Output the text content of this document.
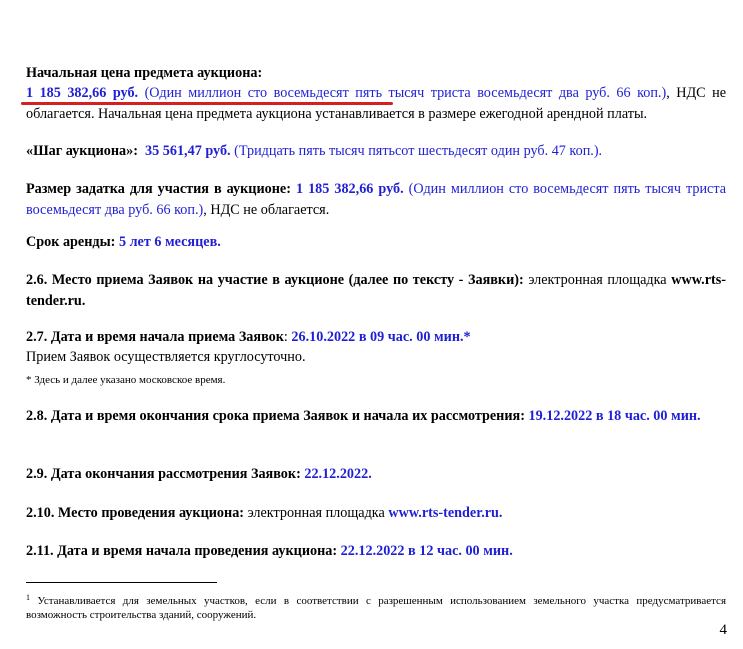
Начальная цена предмета аукциона:
1 185 382,66 руб. (Один миллион сто восемьдесят пять тысяч триста восемьдесят два руб. 66 коп.), НДС не облагается. Начальная цена предмета аукциона устанавливается в размере ежегодной арендной платы.
«Шаг аукциона»: 35 561,47 руб. (Тридцать пять тысяч пятьсот шестьдесят один руб. 47 коп.).
Размер задатка для участия в аукционе: 1 185 382,66 руб. (Один миллион сто восемьдесят пять тысяч триста восемьдесят два руб. 66 коп.), НДС не облагается.
Срок аренды: 5 лет 6 месяцев.
2.6. Место приема Заявок на участие в аукционе (далее по тексту - Заявки): электронная площадка www.rts-tender.ru.
2.7. Дата и время начала приема Заявок: 26.10.2022 в 09 час. 00 мин.*
Прием Заявок осуществляется круглосуточно.
* Здесь и далее указано московское время.
2.8. Дата и время окончания срока приема Заявок и начала их рассмотрения: 19.12.2022 в 18 час. 00 мин.
2.9. Дата окончания рассмотрения Заявок: 22.12.2022.
2.10. Место проведения аукциона: электронная площадка www.rts-tender.ru.
2.11. Дата и время начала проведения аукциона: 22.12.2022 в 12 час. 00 мин.
$^1$ Устанавливается для земельных участков, если в соответствии с разрешенным использованием земельного участка предусматривается возможность строительства зданий, сооружений.
4
